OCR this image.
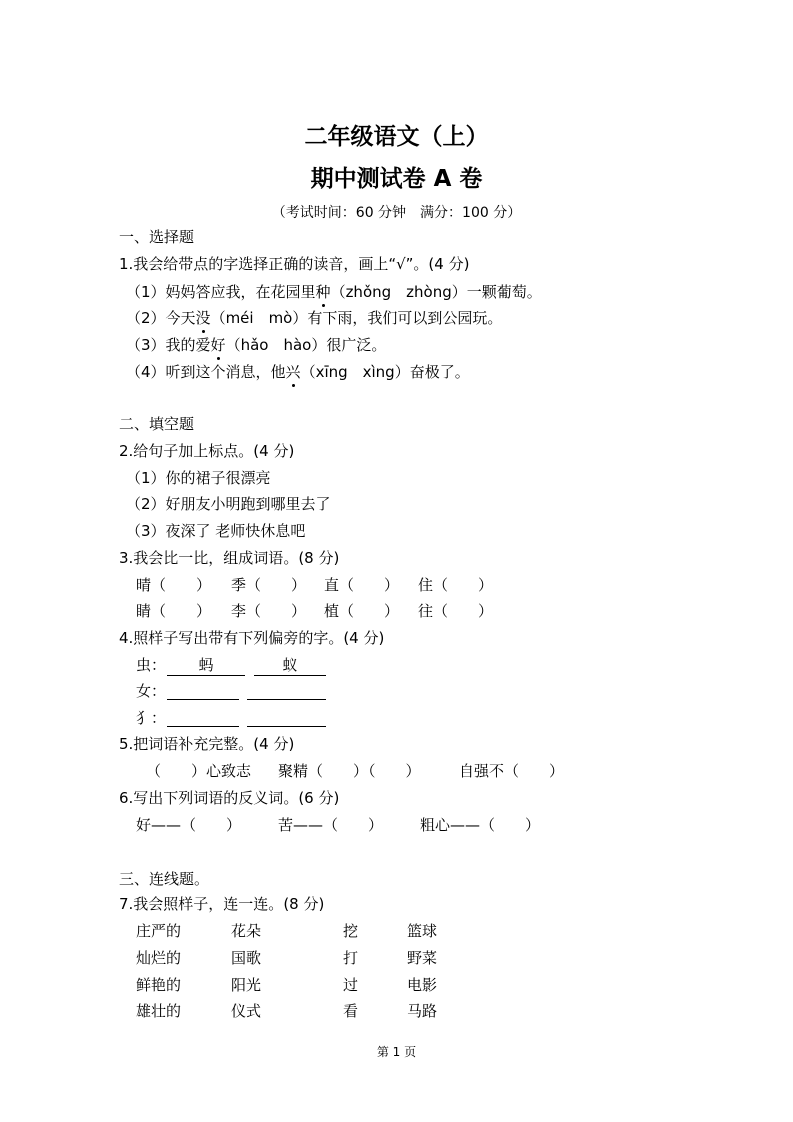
二年级语文（上）
期中测试卷 A 卷
（考试时间：60 分钟　满分：100 分）
一、选择题
1.我会给带点的字选择正确的读音，画上“√”。(4 分)
（1）妈妈答应我，在花园里种（zhǒng　zhòng）一颗葡萄。
（2）今天没（méi　mò）有下雨，我们可以到公园玩。
（3）我的爱好（hǎo　hào）很广泛。
（4）听到这个消息，他兴（xīng　xìng）奋极了。
二、填空题
2.给句子加上标点。(4 分)
（1）你的裙子很漂亮
（2）好朋友小明跑到哪里去了
（3）夜深了 老师快休息吧
3.我会比一比，组成词语。(8 分)
晴（　　） 季（　　） 直（　　） 住（　　）
睛（　　） 李（　　） 植（　　） 往（　　）
4.照样子写出带有下列偏旁的字。(4 分)
虫：	蚂	蚁
女：
犭：
5.把词语补充完整。(4 分)
（　　）心致志 聚精（　　）（　　）	自强不（　　）
6.写出下列词语的反义词。(6 分)
好——（　　） 苦——（　　） 粗心——（　　）
三、连线题。
7.我会照样子，连一连。(8 分)
庄严的	花朵	挖	篮球
灿烂的	国歌	打	野菜
鲜艳的	阳光	过	电影
雄壮的	仪式	看	马路
第 1 页
